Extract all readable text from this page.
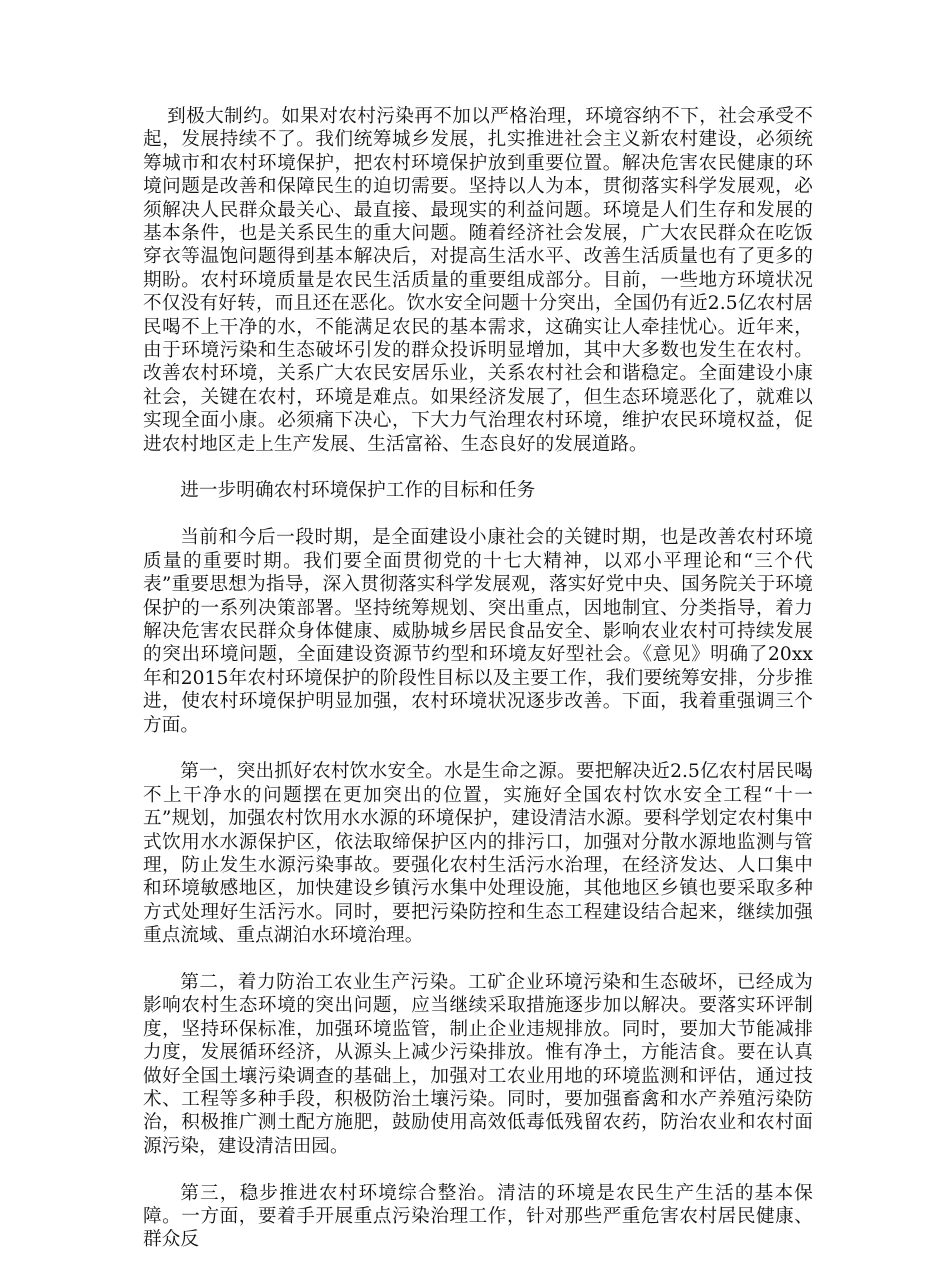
到极大制约。如果对农村污染再不加以严格治理，环境容纳不下，社会承受不起，发展持续不了。我们统筹城乡发展，扎实推进社会主义新农村建设，必须统筹城市和农村环境保护，把农村环境保护放到重要位置。解决危害农民健康的环境问题是改善和保障民生的迫切需要。坚持以人为本，贯彻落实科学发展观，必须解决人民群众最关心、最直接、最现实的利益问题。环境是人们生存和发展的基本条件，也是关系民生的重大问题。随着经济社会发展，广大农民群众在吃饭穿衣等温饱问题得到基本解决后，对提高生活水平、改善生活质量也有了更多的期盼。农村环境质量是农民生活质量的重要组成部分。目前，一些地方环境状况不仅没有好转，而且还在恶化。饮水安全问题十分突出，全国仍有近2.5亿农村居民喝不上干净的水，不能满足农民的基本需求，这确实让人牵挂忧心。近年来，由于环境污染和生态破坏引发的群众投诉明显增加，其中大多数也发生在农村。改善农村环境，关系广大农民安居乐业，关系农村社会和谐稳定。全面建设小康社会，关键在农村，环境是难点。如果经济发展了，但生态环境恶化了，就难以实现全面小康。必须痛下决心，下大力气治理农村环境，维护农民环境权益，促进农村地区走上生产发展、生活富裕、生态良好的发展道路。

进一步明确农村环境保护工作的目标和任务

当前和今后一段时期，是全面建设小康社会的关键时期，也是改善农村环境质量的重要时期。我们要全面贯彻党的十七大精神，以邓小平理论和“三个代表”重要思想为指导，深入贯彻落实科学发展观，落实好党中央、国务院关于环境保护的一系列决策部署。坚持统筹规划、突出重点，因地制宜、分类指导，着力解决危害农民群众身体健康、威胁城乡居民食品安全、影响农业农村可持续发展的突出环境问题，全面建设资源节约型和环境友好型社会。《意见》明确了20xx年和2015年农村环境保护的阶段性目标以及主要工作，我们要统筹安排，分步推进，使农村环境保护明显加强，农村环境状况逐步改善。下面，我着重强调三个方面。

第一，突出抓好农村饮水安全。水是生命之源。要把解决近2.5亿农村居民喝不上干净水的问题摆在更加突出的位置，实施好全国农村饮水安全工程“十一五”规划，加强农村饮用水水源的环境保护，建设清洁水源。要科学划定农村集中式饮用水水源保护区，依法取缔保护区内的排污口，加强对分散水源地监测与管理，防止发生水源污染事故。要强化农村生活污水治理，在经济发达、人口集中和环境敏感地区，加快建设乡镇污水集中处理设施，其他地区乡镇也要采取多种方式处理好生活污水。同时，要把污染防控和生态工程建设结合起来，继续加强重点流域、重点湖泊水环境治理。

第二，着力防治工农业生产污染。工矿企业环境污染和生态破坏，已经成为影响农村生态环境的突出问题，应当继续采取措施逐步加以解决。要落实环评制度，坚持环保标准，加强环境监管，制止企业违规排放。同时，要加大节能减排力度，发展循环经济，从源头上减少污染排放。惟有净土，方能洁食。要在认真做好全国土壤污染调查的基础上，加强对工农业用地的环境监测和评估，通过技术、工程等多种手段，积极防治土壤污染。同时，要加强畜禽和水产养殖污染防治，积极推广测土配方施肥，鼓励使用高效低毒低残留农药，防治农业和农村面源污染，建设清洁田园。

第三，稳步推进农村环境综合整治。清洁的环境是农民生产生活的基本保障。一方面，要着手开展重点污染治理工作，针对那些严重危害农村居民健康、群众反
